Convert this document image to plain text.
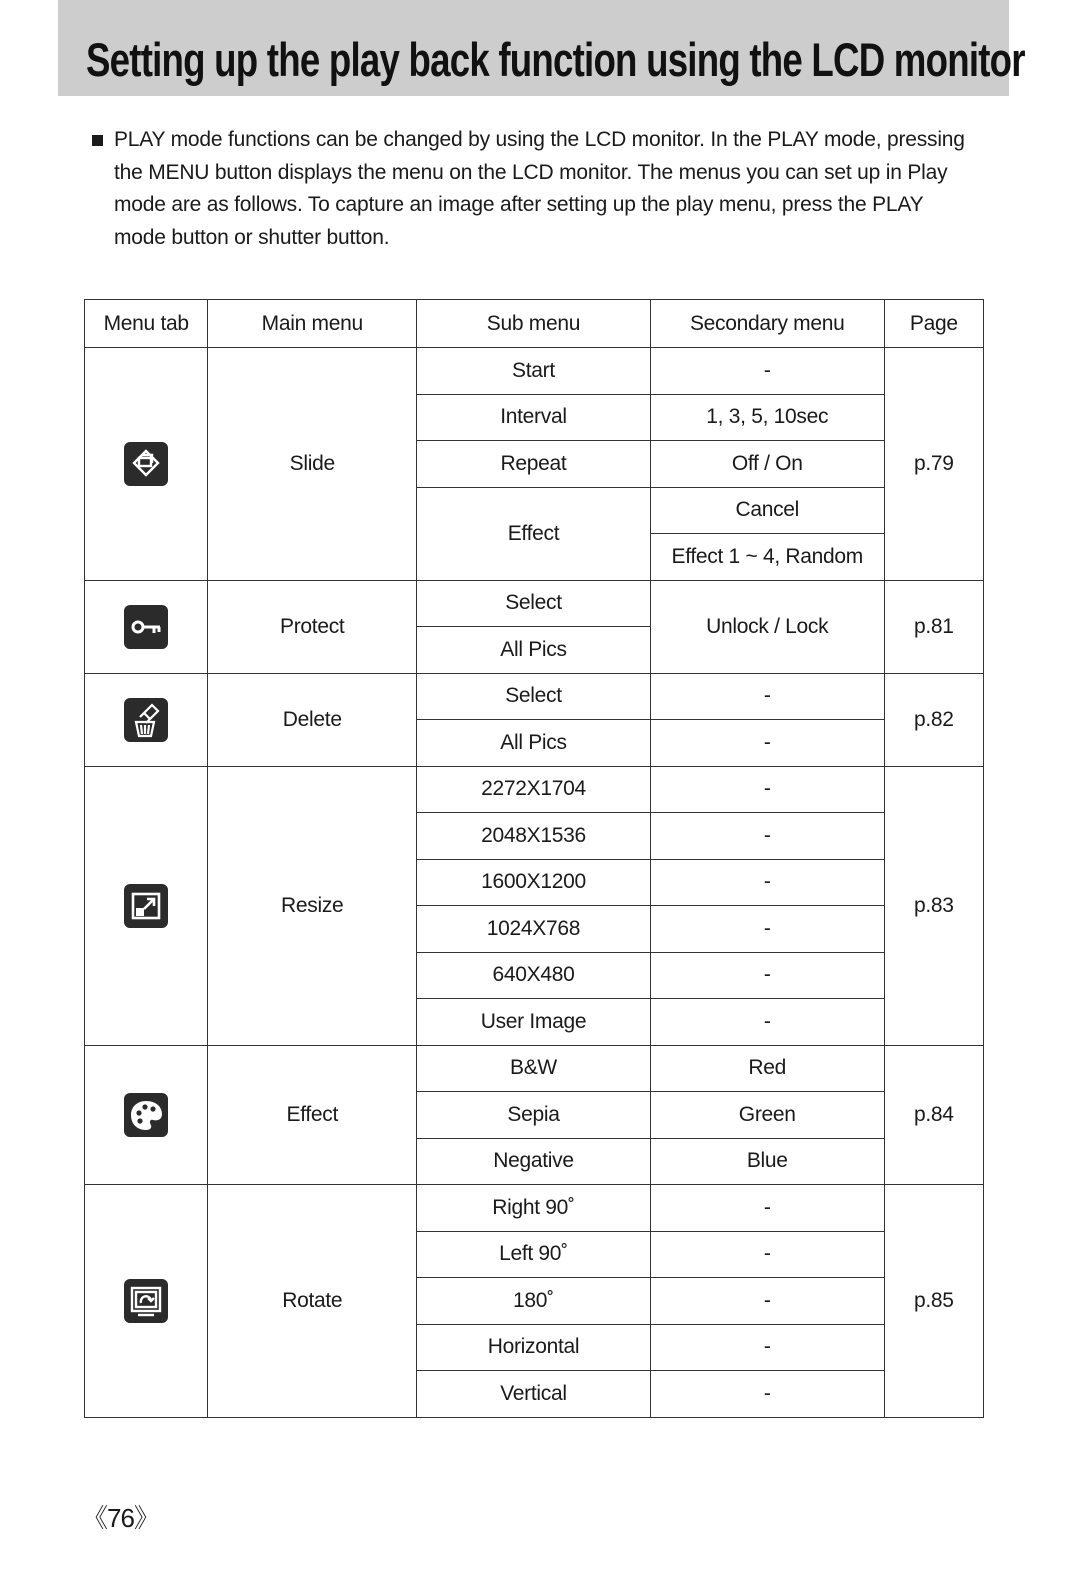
Setting up the play back function using the LCD monitor
PLAY mode functions can be changed by using the LCD monitor. In the PLAY mode, pressing the MENU button displays the menu on the LCD monitor. The menus you can set up in Play mode are as follows. To capture an image after setting up the play menu, press the PLAY mode button or shutter button.
Menu tab	Main menu	Sub menu	Secondary menu	Page

	Slide	Start	-	p.79
		Interval	1, 3, 5, 10sec	
		Repeat	Off / On	
		Effect	Cancel	
			Effect 1 ~ 4, Random	

	Protect	Select	Unlock / Lock	p.81
		All Pics		

	Delete	Select	-	p.82
		All Pics	-	

	Resize	2272X1704	-	p.83
		2048X1536	-	
		1600X1200	-	
		1024X768	-	
		640X480	-	
		User Image	-	

	Effect	B&W	Red	p.84
		Sepia	Green	
		Negative	Blue	

	Rotate	Right 90˚	-	p.85
		Left 90˚	-	
		180˚	-	
		Horizontal	-	
		Vertical	-	
《76》
